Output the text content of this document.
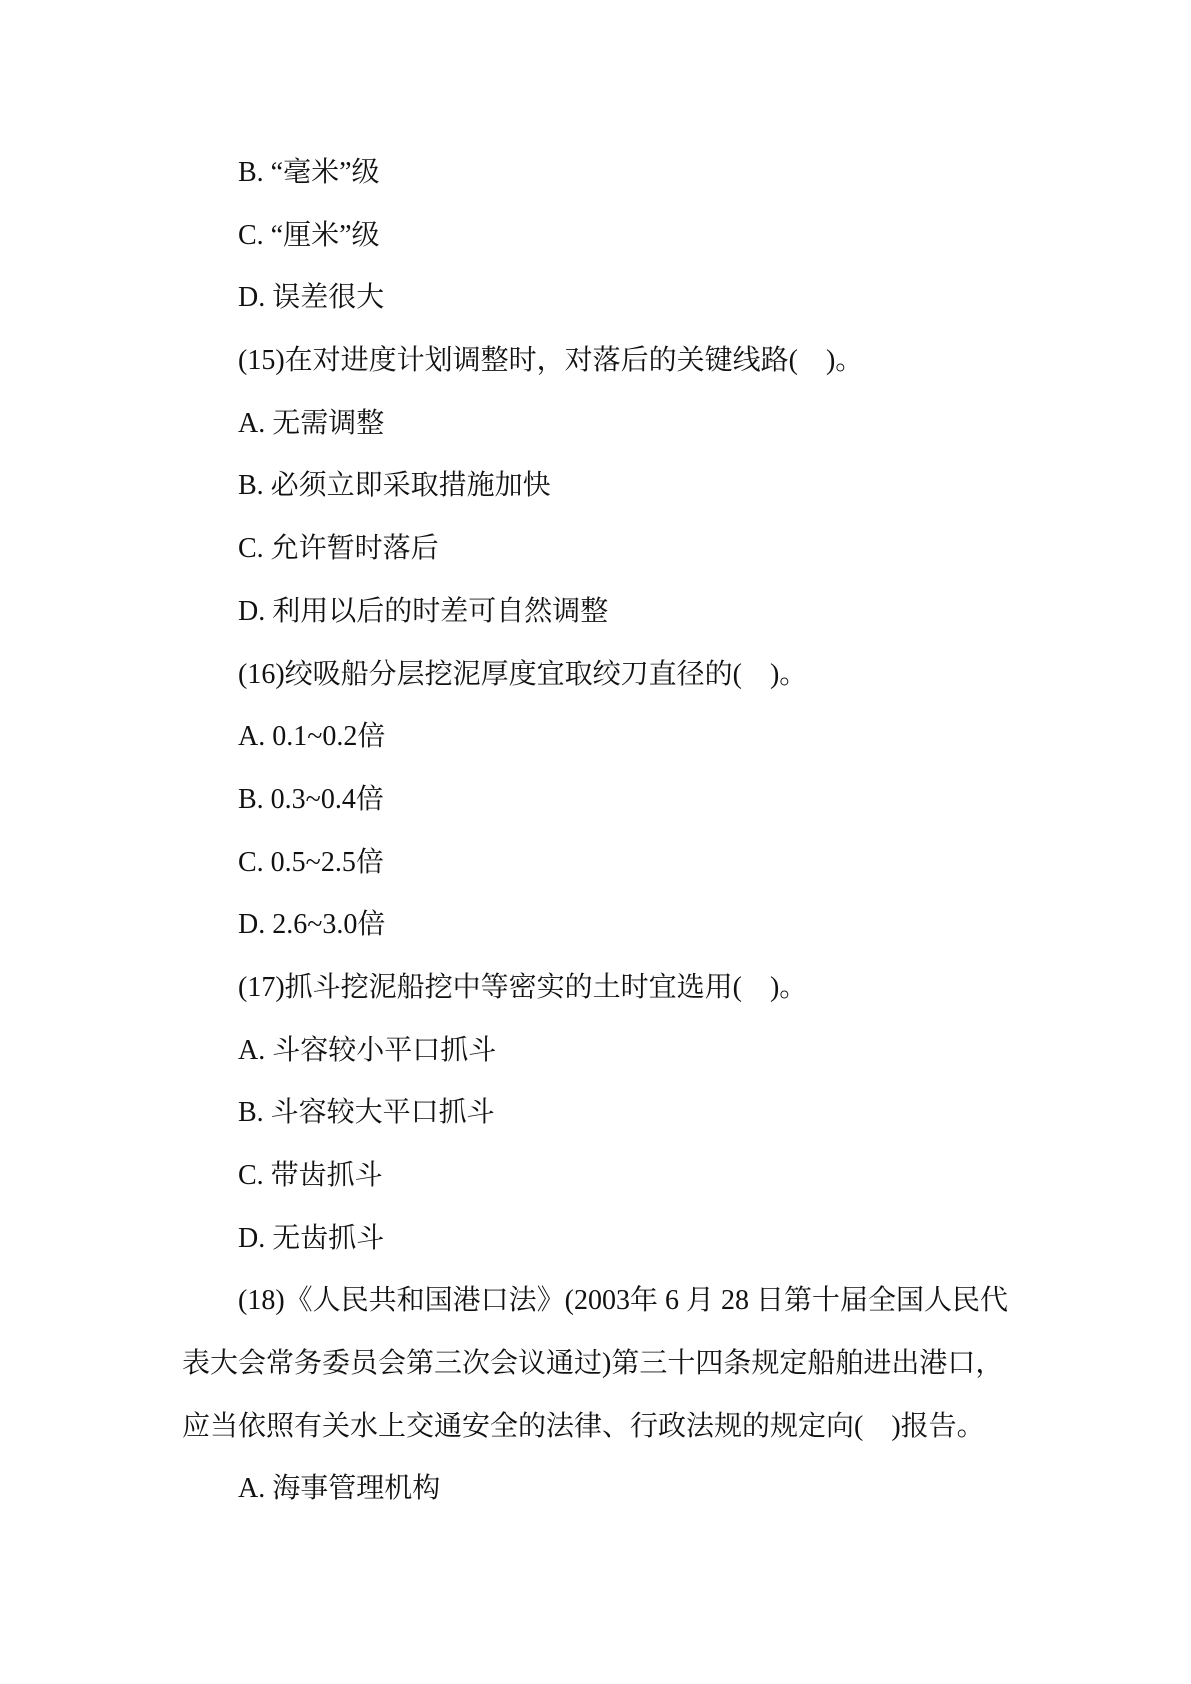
B. “毫米”级
C. “厘米”级
D. 误差很大
(15)在对进度计划调整时，对落后的关键线路(    )。
A. 无需调整
B. 必须立即采取措施加快
C. 允许暂时落后
D. 利用以后的时差可自然调整
(16)绞吸船分层挖泥厚度宜取绞刀直径的(    )。
A. 0.1~0.2倍
B. 0.3~0.4倍
C. 0.5~2.5倍
D. 2.6~3.0倍
(17)抓斗挖泥船挖中等密实的土时宜选用(    )。
A. 斗容较小平口抓斗
B. 斗容较大平口抓斗
C. 带齿抓斗
D. 无齿抓斗
(18)《人民共和国港口法》(2003年 6 月 28 日第十届全国人民代
表大会常务委员会第三次会议通过)第三十四条规定船舶进出港口，
应当依照有关水上交通安全的法律、行政法规的规定向(    )报告。
A. 海事管理机构
